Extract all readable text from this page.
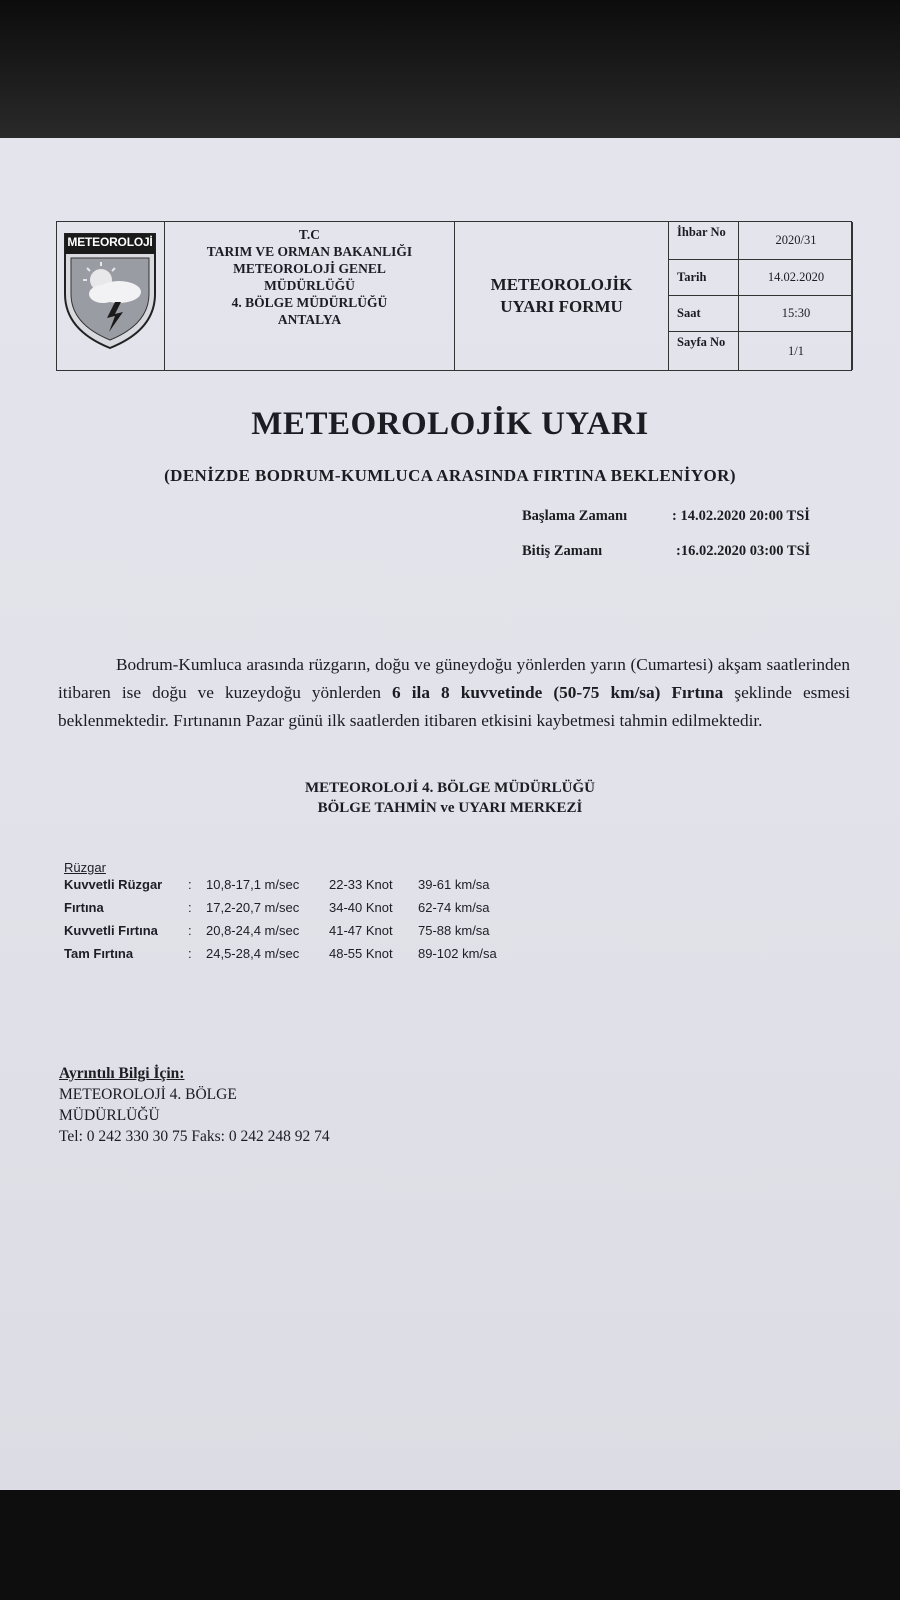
METEOROLOJİ	T.C
TARIM VE ORMAN BAKANLIĞI
METEOROLOJİ GENEL
MÜDÜRLÜĞÜ
4. BÖLGE MÜDÜRLÜĞÜ
ANTALYA
METEOROLOJİK
UYARI FORMU
İhbar No
2020/31
Tarih	14.02.2020
Saat	15:30
Sayfa No
1/1
METEOROLOJİK UYARI
(DENİZDE BODRUM-KUMLUCA ARASINDA FIRTINA BEKLENİYOR)
Başlama Zamanı	: 14.02.2020 20:00 TSİ
Bitiş Zamanı	:16.02.2020 03:00 TSİ
Bodrum-Kumluca arasında rüzgarın, doğu ve güneydoğu yönlerden yarın (Cumartesi) akşam saatlerinden itibaren ise doğu ve kuzeydoğu yönlerden 6 ila 8 kuvvetinde (50-75 km/sa) Fırtına şeklinde esmesi beklenmektedir. Fırtınanın Pazar günü ilk saatlerden itibaren etkisini kaybetmesi tahmin edilmektedir.
METEOROLOJİ 4. BÖLGE MÜDÜRLÜĞÜ
BÖLGE TAHMİN ve UYARI MERKEZİ
Rüzgar
Kuvvetli Rüzgar : 10,8-17,1 m/sec 22-33 Knot 39-61 km/sa
Fırtına	: 17,2-20,7 m/sec 34-40 Knot 62-74 km/sa
Kuvvetli Fırtına : 20,8-24,4 m/sec 41-47 Knot 75-88 km/sa
Tam Fırtına	: 24,5-28,4 m/sec 48-55 Knot 89-102 km/sa
Ayrıntılı Bilgi İçin:
METEOROLOJİ 4. BÖLGE
MÜDÜRLÜĞÜ
Tel: 0 242 330 30 75 Faks: 0 242 248 92 74
